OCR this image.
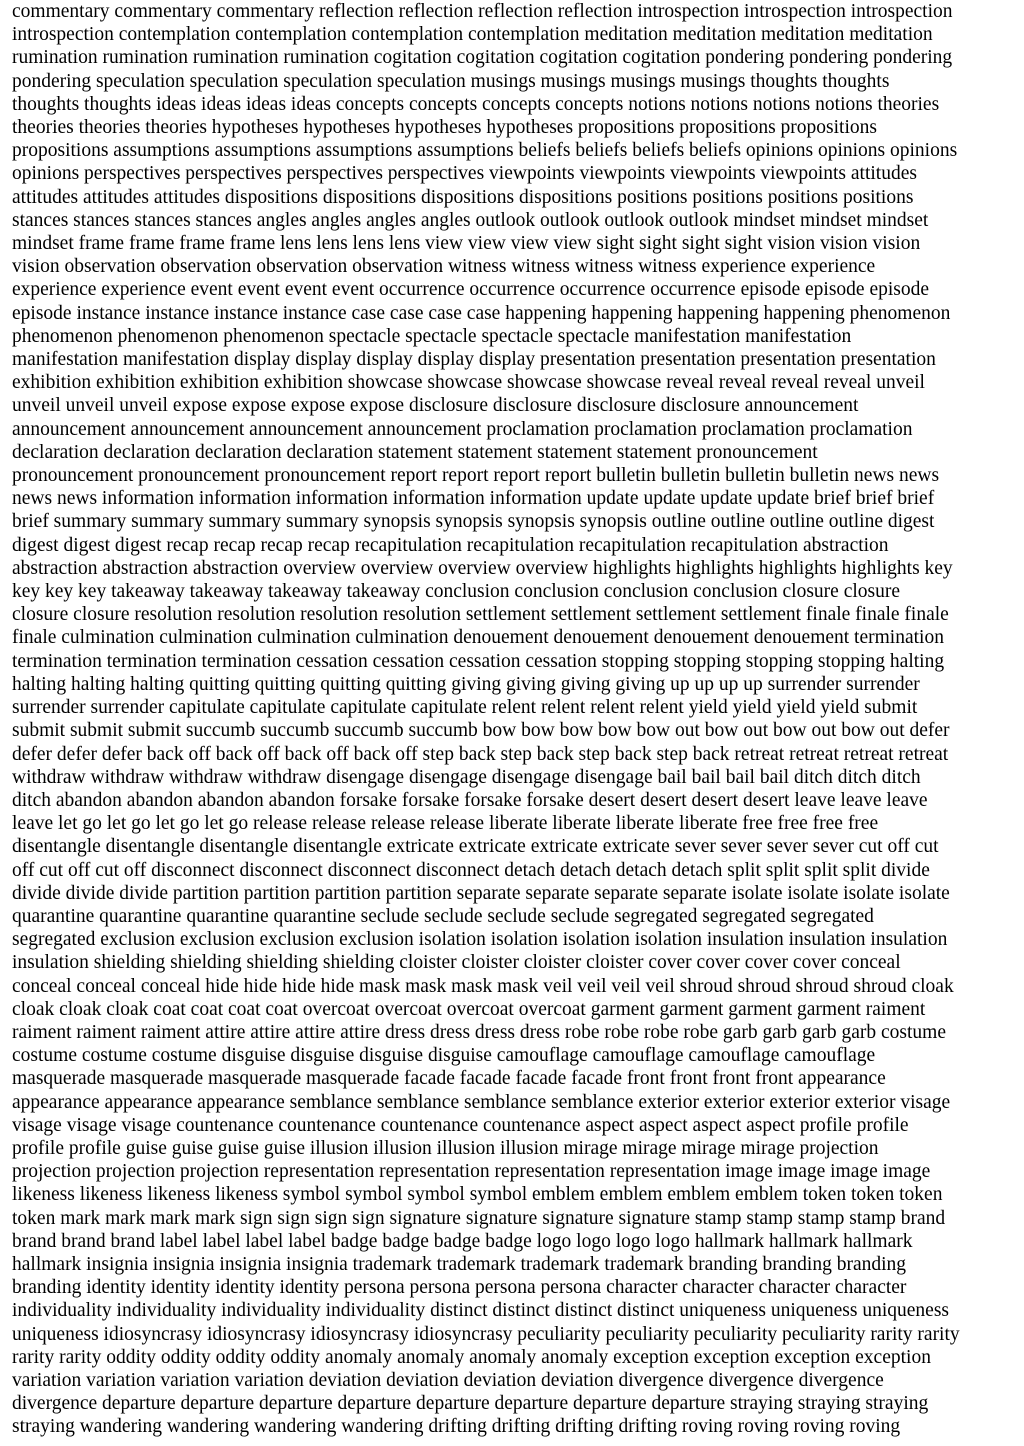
commentary commentary commentary reflection reflection reflection reflection introspection introspection introspection
introspection contemplation contemplation contemplation contemplation meditation meditation meditation meditation
rumination rumination rumination rumination cogitation cogitation cogitation cogitation pondering pondering pondering
pondering speculation speculation speculation speculation musings musings musings musings thoughts thoughts
thoughts thoughts ideas ideas ideas ideas concepts concepts concepts concepts notions notions notions notions theories
theories theories theories hypotheses hypotheses hypotheses hypotheses propositions propositions propositions
propositions assumptions assumptions assumptions assumptions beliefs beliefs beliefs beliefs opinions opinions opinions
opinions perspectives perspectives perspectives perspectives viewpoints viewpoints viewpoints viewpoints attitudes
attitudes attitudes attitudes dispositions dispositions dispositions dispositions positions positions positions positions
stances stances stances stances angles angles angles angles outlook outlook outlook outlook mindset mindset mindset
mindset frame frame frame frame lens lens lens lens view view view view sight sight sight sight vision vision vision
vision observation observation observation observation witness witness witness witness experience experience
experience experience event event event event occurrence occurrence occurrence occurrence episode episode episode
episode instance instance instance instance case case case case happening happening happening happening phenomenon
phenomenon phenomenon phenomenon spectacle spectacle spectacle spectacle manifestation manifestation
manifestation manifestation display display display display display presentation presentation presentation presentation
exhibition exhibition exhibition exhibition showcase showcase showcase showcase reveal reveal reveal reveal unveil
unveil unveil unveil expose expose expose expose disclosure disclosure disclosure disclosure announcement
announcement announcement announcement announcement proclamation proclamation proclamation proclamation
declaration declaration declaration declaration statement statement statement statement pronouncement
pronouncement pronouncement pronouncement report report report report bulletin bulletin bulletin bulletin news news
news news information information information information information update update update update brief brief brief
brief summary summary summary summary synopsis synopsis synopsis synopsis outline outline outline outline digest
digest digest digest recap recap recap recap recapitulation recapitulation recapitulation recapitulation abstraction
abstraction abstraction abstraction overview overview overview overview highlights highlights highlights highlights key
key key key takeaway takeaway takeaway takeaway conclusion conclusion conclusion conclusion closure closure
closure closure resolution resolution resolution resolution settlement settlement settlement settlement finale finale finale
finale culmination culmination culmination culmination denouement denouement denouement denouement termination
termination termination termination cessation cessation cessation cessation stopping stopping stopping stopping halting
halting halting halting quitting quitting quitting quitting giving giving giving giving up up up up surrender surrender
surrender surrender capitulate capitulate capitulate capitulate relent relent relent relent yield yield yield yield submit
submit submit submit succumb succumb succumb succumb bow bow bow bow bow out bow out bow out bow out defer
defer defer defer back off back off back off back off step back step back step back step back retreat retreat retreat retreat
withdraw withdraw withdraw withdraw disengage disengage disengage disengage bail bail bail bail ditch ditch ditch
ditch abandon abandon abandon abandon forsake forsake forsake forsake desert desert desert desert leave leave leave
leave let go let go let go let go release release release release liberate liberate liberate liberate free free free free
disentangle disentangle disentangle disentangle extricate extricate extricate extricate sever sever sever sever cut off cut
off cut off cut off disconnect disconnect disconnect disconnect detach detach detach detach split split split split divide
divide divide divide partition partition partition partition separate separate separate separate isolate isolate isolate isolate
quarantine quarantine quarantine quarantine seclude seclude seclude seclude segregated segregated segregated
segregated exclusion exclusion exclusion exclusion isolation isolation isolation isolation insulation insulation insulation
insulation shielding shielding shielding shielding cloister cloister cloister cloister cover cover cover cover conceal
conceal conceal conceal hide hide hide hide mask mask mask mask veil veil veil veil shroud shroud shroud shroud cloak
cloak cloak cloak coat coat coat coat overcoat overcoat overcoat overcoat garment garment garment garment raiment
raiment raiment raiment attire attire attire attire dress dress dress dress robe robe robe robe garb garb garb garb costume
costume costume costume disguise disguise disguise disguise camouflage camouflage camouflage camouflage
masquerade masquerade masquerade masquerade facade facade facade facade front front front front appearance
appearance appearance appearance semblance semblance semblance semblance exterior exterior exterior exterior visage
visage visage visage countenance countenance countenance countenance aspect aspect aspect aspect profile profile
profile profile guise guise guise guise illusion illusion illusion illusion mirage mirage mirage mirage projection
projection projection projection representation representation representation representation image image image image
likeness likeness likeness likeness symbol symbol symbol symbol emblem emblem emblem emblem token token token
token mark mark mark mark sign sign sign sign signature signature signature signature stamp stamp stamp stamp brand
brand brand brand label label label label badge badge badge badge logo logo logo logo hallmark hallmark hallmark
hallmark insignia insignia insignia insignia trademark trademark trademark trademark branding branding branding
branding identity identity identity identity persona persona persona persona character character character character
individuality individuality individuality individuality distinct distinct distinct distinct uniqueness uniqueness uniqueness
uniqueness idiosyncrasy idiosyncrasy idiosyncrasy idiosyncrasy peculiarity peculiarity peculiarity peculiarity rarity rarity
rarity rarity oddity oddity oddity oddity anomaly anomaly anomaly anomaly exception exception exception exception
variation variation variation variation deviation deviation deviation deviation divergence divergence divergence
divergence departure departure departure departure departure departure departure departure straying straying straying
straying wandering wandering wandering wandering drifting drifting drifting drifting roving roving roving roving
